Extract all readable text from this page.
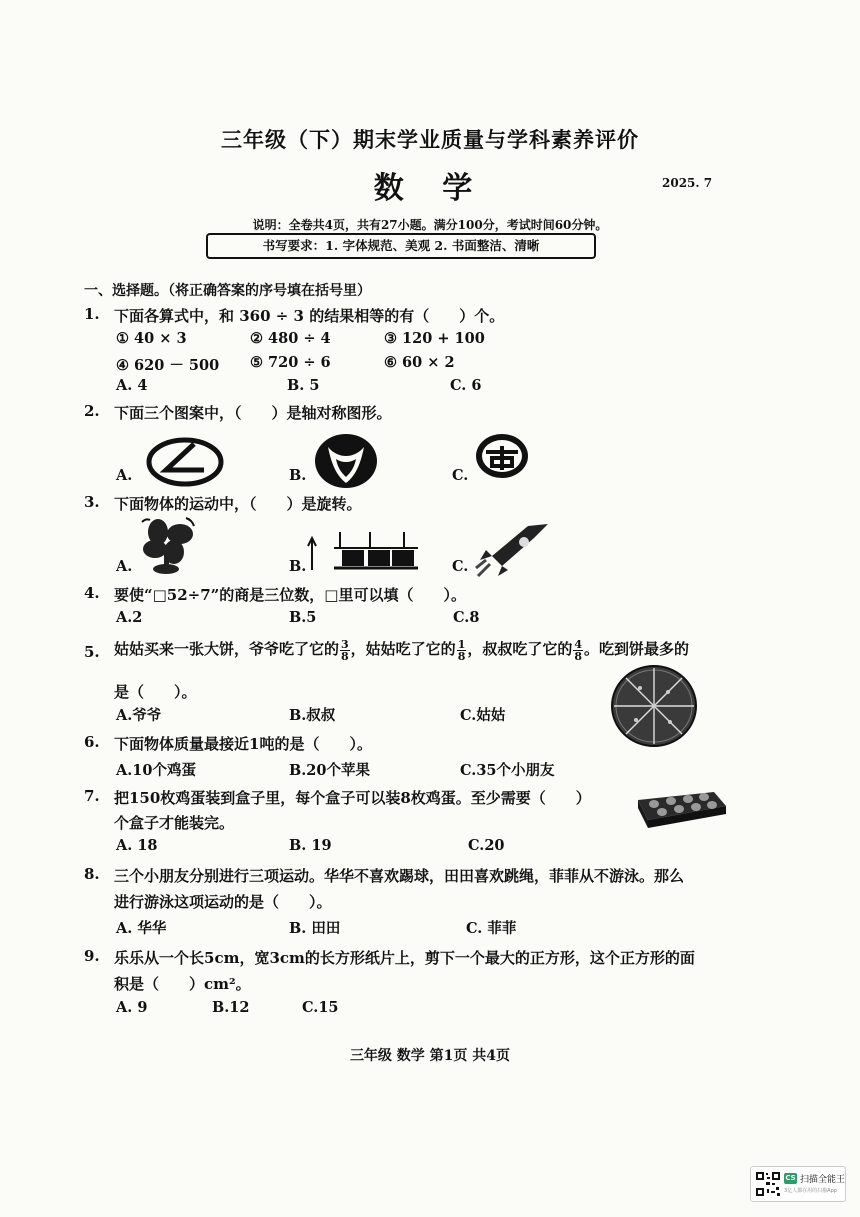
三年级（下）期末学业质量与学科素养评价
数 学	2025. 7
说明：全卷共4页，共有27小题。满分100分，考试时间60分钟。
书写要求：1. 字体规范、美观 2. 书面整洁、清晰
一、选择题。（将正确答案的序号填在括号里）
1. 下面各算式中，和 360 ÷ 3 的结果相等的有（　　）个。
① 40 × 3	② 480 ÷ 4	③ 120 + 100
④ 620 － 500 ⑤ 720 ÷ 6	⑥ 60 × 2
A. 4	B. 5	C. 6
2. 下面三个图案中，（　　）是轴对称图形。
A.	B.	C.
3. 下面物体的运动中，（　　）是旋转。
A.	B.	C.
4. 要使“□52÷7”的商是三位数，□里可以填（　　）。
A.2	B.5	C.8
5. 姑姑买来一张大饼，爷爷吃了它的 $\frac{3}{8}$ ，姑姑吃了它的 $\frac{1}{8}$ ，叔叔吃了它的 $\frac{4}{8}$ 。吃到饼最多的
是（　　）。
A.爷爷	B.叔叔	C.姑姑
6. 下面物体质量最接近1吨的是（　　）。
A.10个鸡蛋	B.20个苹果	C.35个小朋友
7. 把150枚鸡蛋装到盒子里，每个盒子可以装8枚鸡蛋。至少需要（　　）
个盒子才能装完。
A. 18	B. 19	C.20
8. 三个小朋友分别进行三项运动。华华不喜欢踢球，田田喜欢跳绳，菲菲从不游泳。那么
进行游泳这项运动的是（　　）。
A. 华华	B. 田田	C. 菲菲
9. 乐乐从一个长5cm，宽3cm的长方形纸片上，剪下一个最大的正方形，这个正方形的面
积是（　　）cm²。
A. 9	B.12	C.15
三年级 数学 第1页 共4页
CS 扫描全能王
3亿人都在用的扫描App
